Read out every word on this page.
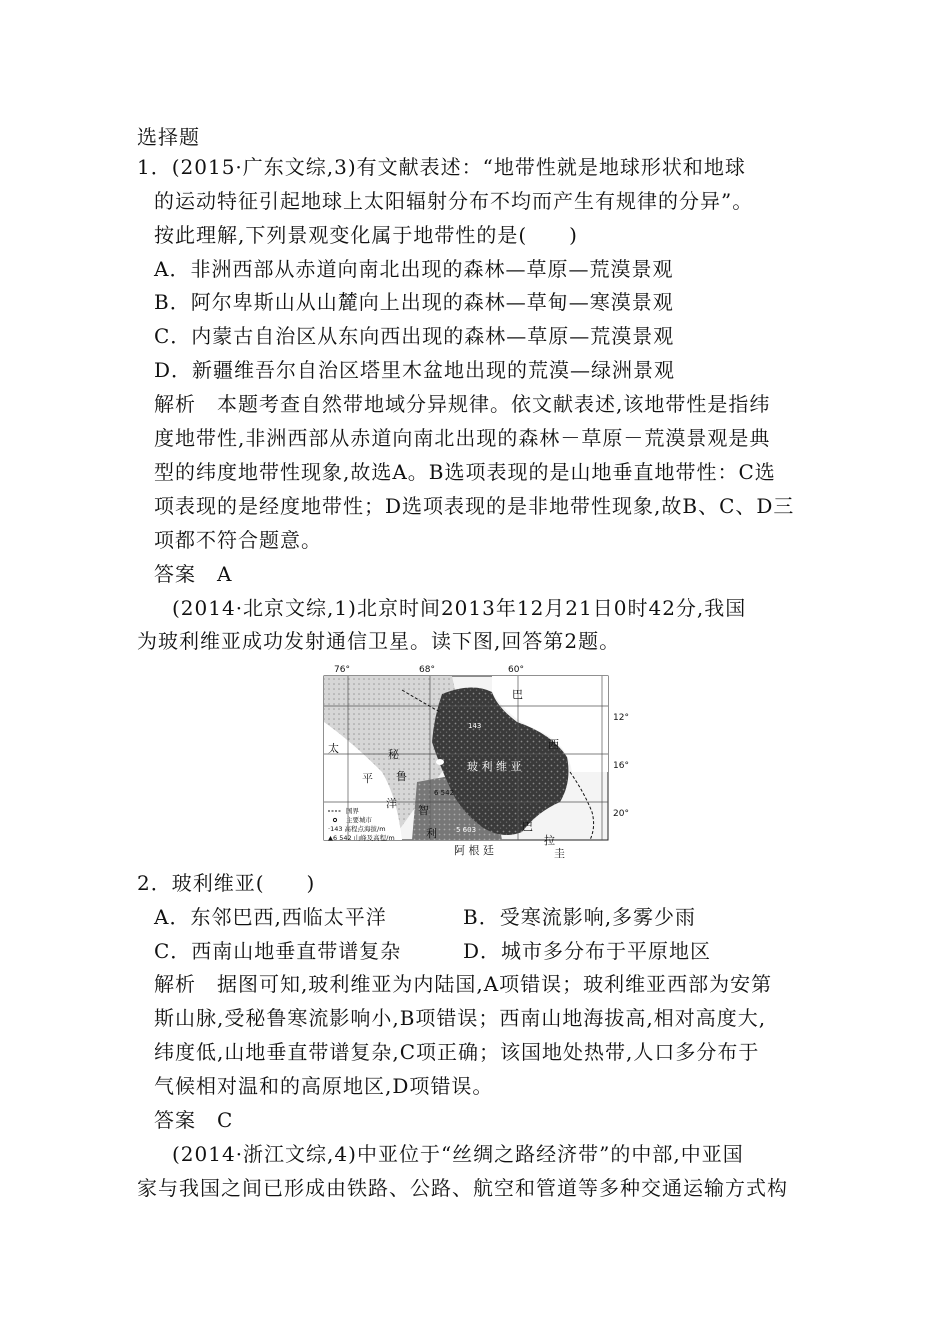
选择题
1．(2015·广东文综,3)有文献表述：“地带性就是地球形状和地球
的运动特征引起地球上太阳辐射分布不均而产生有规律的分异”。
按此理解,下列景观变化属于地带性的是(　　)
A．非洲西部从赤道向南北出现的森林—草原—荒漠景观
B．阿尔卑斯山从山麓向上出现的森林—草甸—寒漠景观
C．内蒙古自治区从东向西出现的森林—草原—荒漠景观
D．新疆维吾尔自治区塔里木盆地出现的荒漠—绿洲景观
解析　本题考查自然带地域分异规律。依文献表述,该地带性是指纬
度地带性,非洲西部从赤道向南北出现的森林－草原－荒漠景观是典
型的纬度地带性现象,故选A。B选项表现的是山地垂直地带性：C选
项表现的是经度地带性；D选项表现的是非地带性现象,故B、C、D三
项都不符合题意。
答案　A
(2014·北京文综,1)北京时间2013年12月21日0时42分,我国
为玻利维亚成功发射通信卫星。读下图,回答第2题。
76°	68°	60°
12°
16°
20°
太
平
洋
秘
鲁
智
利
巴
西
玻 利 维 亚
阿 根 廷
巴
拉
圭
143
6 542
5 603
国界
主要城市
·143 高程点海拔/m
▲6 542 山峰及高程/m
2．玻利维亚(　　)
A．东邻巴西,西临太平洋	B．受寒流影响,多雾少雨
C．西南山地垂直带谱复杂	D．城市多分布于平原地区
解析　据图可知,玻利维亚为内陆国,A项错误；玻利维亚西部为安第
斯山脉,受秘鲁寒流影响小,B项错误；西南山地海拔高,相对高度大,
纬度低,山地垂直带谱复杂,C项正确；该国地处热带,人口多分布于
气候相对温和的高原地区,D项错误。
答案　C
(2014·浙江文综,4)中亚位于“丝绸之路经济带”的中部,中亚国
家与我国之间已形成由铁路、公路、航空和管道等多种交通运输方式构
